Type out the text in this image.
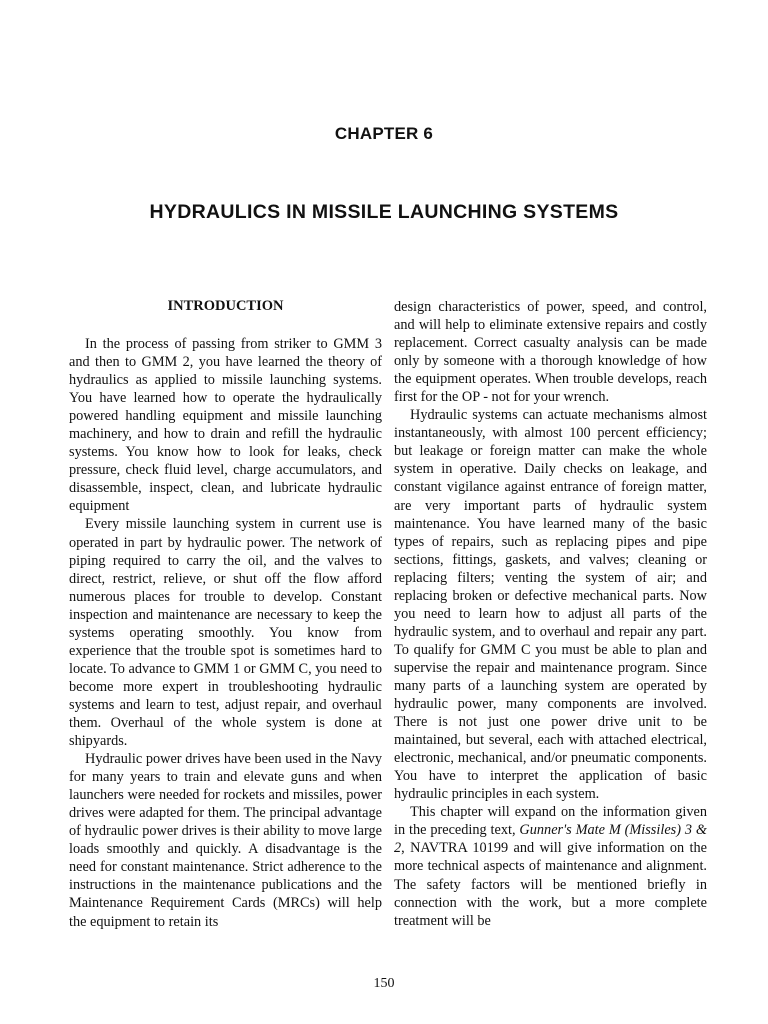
CHAPTER 6
HYDRAULICS IN MISSILE LAUNCHING SYSTEMS
INTRODUCTION

In the process of passing from striker to GMM 3 and then to GMM 2, you have learned the theory of hydraulics as applied to missile launching systems. You have learned how to operate the hydraulically powered handling equipment and missile launching machinery, and how to drain and refill the hydraulic systems. You know how to look for leaks, check pressure, check fluid level, charge accumulators, and disassemble, inspect, clean, and lubricate hydraulic equipment

Every missile launching system in current use is operated in part by hydraulic power. The network of piping required to carry the oil, and the valves to direct, restrict, relieve, or shut off the flow afford numerous places for trouble to develop. Constant inspection and maintenance are necessary to keep the systems operating smoothly. You know from experience that the trouble spot is sometimes hard to locate. To advance to GMM 1 or GMM C, you need to become more expert in troubleshooting hydraulic systems and learn to test, adjust repair, and overhaul them. Overhaul of the whole system is done at shipyards.

Hydraulic power drives have been used in the Navy for many years to train and elevate guns and when launchers were needed for rockets and missiles, power drives were adapted for them. The principal advantage of hydraulic power drives is their ability to move large loads smoothly and quickly. A disadvantage is the need for constant maintenance. Strict adherence to the instructions in the maintenance publications and the Maintenance Requirement Cards (MRCs) will help the equipment to retain its

design characteristics of power, speed, and control, and will help to eliminate extensive repairs and costly replacement. Correct casualty analysis can be made only by someone with a thorough knowledge of how the equipment operates. When trouble develops, reach first for the OP - not for your wrench.

Hydraulic systems can actuate mechanisms almost instantaneously, with almost 100 percent efficiency; but leakage or foreign matter can make the whole system in operative. Daily checks on leakage, and constant vigilance against entrance of foreign matter, are very important parts of hydraulic system maintenance. You have learned many of the basic types of repairs, such as replacing pipes and pipe sections, fittings, gaskets, and valves; cleaning or replacing filters; venting the system of air; and replacing broken or defective mechanical parts. Now you need to learn how to adjust all parts of the hydraulic system, and to overhaul and repair any part. To qualify for GMM C you must be able to plan and supervise the repair and maintenance program. Since many parts of a launching system are operated by hydraulic power, many components are involved. There is not just one power drive unit to be maintained, but several, each with attached electrical, electronic, mechanical, and/or pneumatic components. You have to interpret the application of basic hydraulic principles in each system.

This chapter will expand on the information given in the preceding text, Gunner's Mate M (Missiles) 3 & 2, NAVTRA 10199 and will give information on the more technical aspects of maintenance and alignment. The safety factors will be mentioned briefly in connection with the work, but a more complete treatment will be

150
